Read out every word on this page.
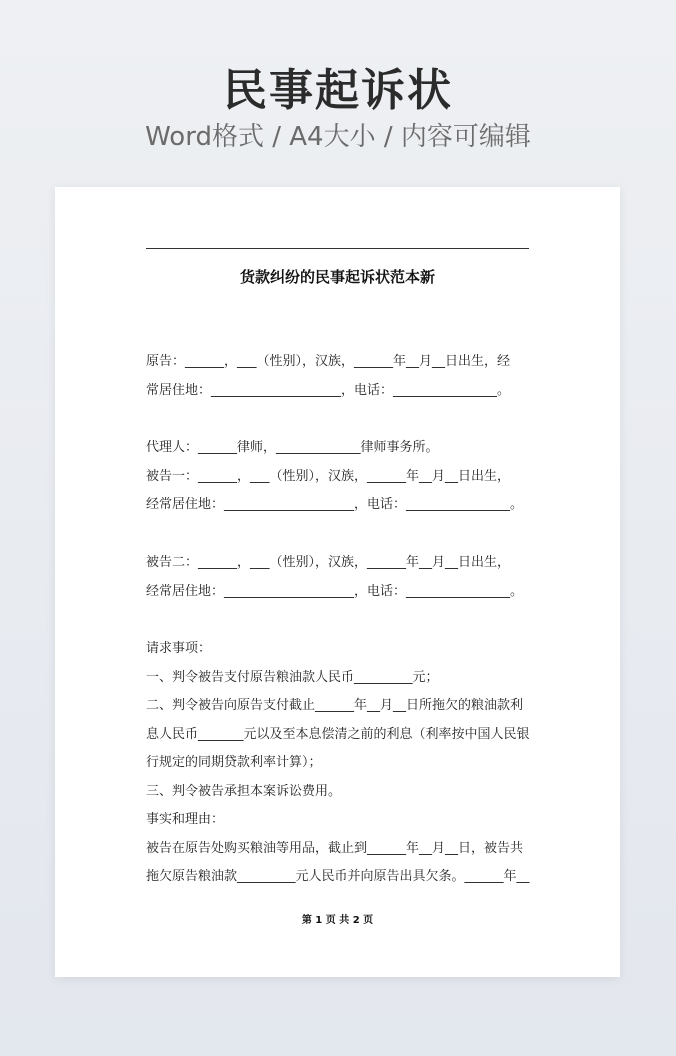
民事起诉状
Word格式 / A4大小 / 内容可编辑
货款纠纷的民事起诉状范本新
原告：______，___（性别），汉族，______年__月__日出生，经
常居住地：____________________，电话：________________。
代理人：______律师，_____________律师事务所。
被告一：______，___（性别），汉族，______年__月__日出生，
经常居住地：____________________，电话：________________。
被告二：______，___（性别），汉族，______年__月__日出生，
经常居住地：____________________，电话：________________。
请求事项：
一、判令被告支付原告粮油款人民币_________元；
二、判令被告向原告支付截止______年__月__日所拖欠的粮油款利
息人民币_______元以及至本息偿清之前的利息（利率按中国人民银
行规定的同期贷款利率计算）；
三、判令被告承担本案诉讼费用。
事实和理由：
被告在原告处购买粮油等用品，截止到______年__月__日，被告共
拖欠原告粮油款_________元人民币并向原告出具欠条。______年__
第 1 页 共 2 页
